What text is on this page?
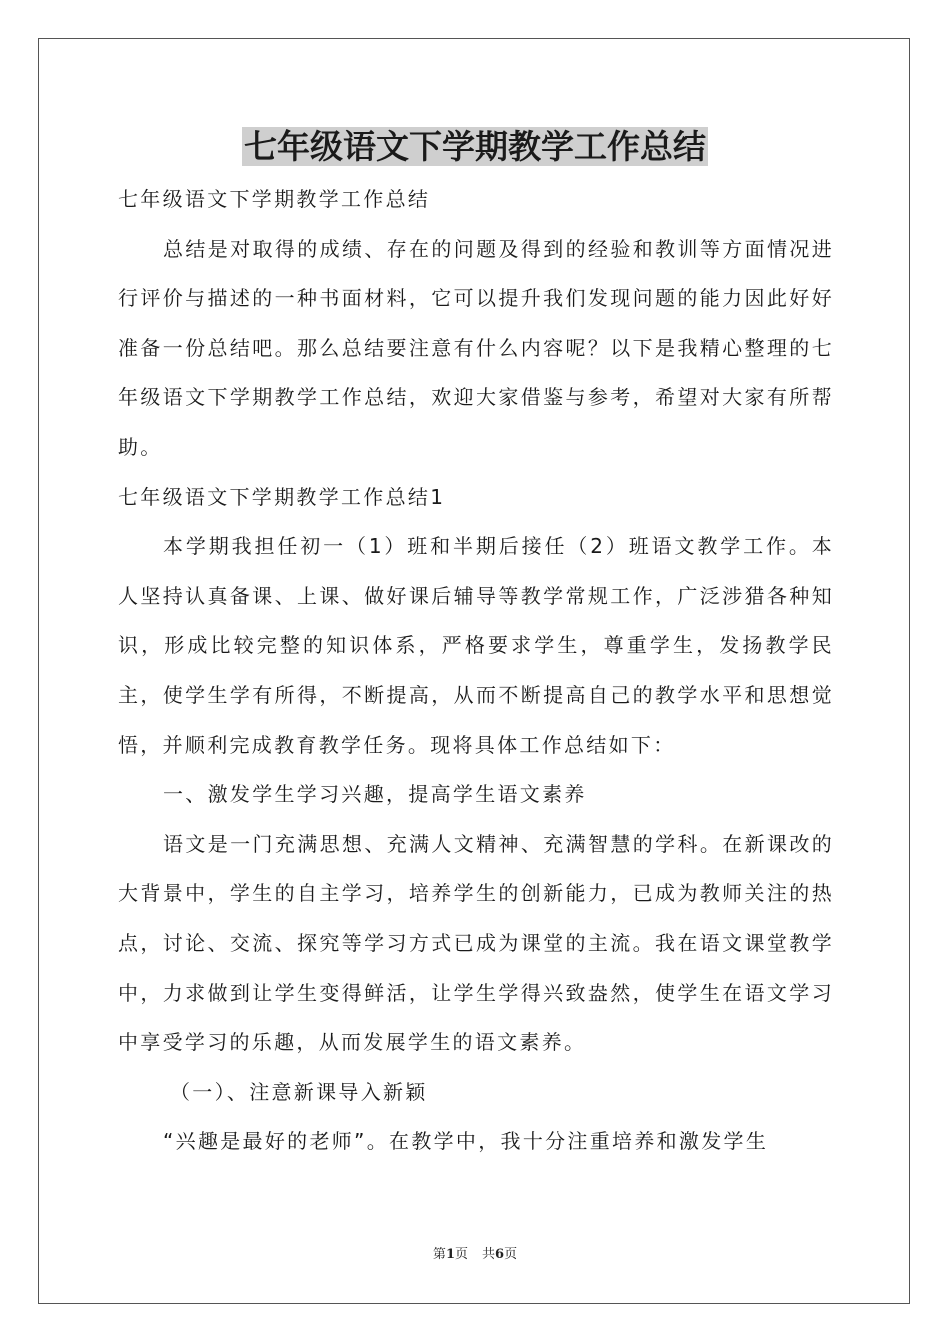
七年级语文下学期教学工作总结

七年级语文下学期教学工作总结

总结是对取得的成绩、存在的问题及得到的经验和教训等方面情况进行评价与描述的一种书面材料，它可以提升我们发现问题的能力因此好好准备一份总结吧。那么总结要注意有什么内容呢？以下是我精心整理的七年级语文下学期教学工作总结，欢迎大家借鉴与参考，希望对大家有所帮助。

七年级语文下学期教学工作总结1

本学期我担任初一（1）班和半期后接任（2）班语文教学工作。本人坚持认真备课、上课、做好课后辅导等教学常规工作，广泛涉猎各种知识，形成比较完整的知识体系，严格要求学生，尊重学生，发扬教学民主，使学生学有所得，不断提高，从而不断提高自己的教学水平和思想觉悟，并顺利完成教育教学任务。现将具体工作总结如下：

一、激发学生学习兴趣，提高学生语文素养

语文是一门充满思想、充满人文精神、充满智慧的学科。在新课改的大背景中，学生的自主学习，培养学生的创新能力，已成为教师关注的热点，讨论、交流、探究等学习方式已成为课堂的主流。我在语文课堂教学中，力求做到让学生变得鲜活，让学生学得兴致盎然，使学生在语文学习中享受学习的乐趣，从而发展学生的语文素养。

（一）、注意新课导入新颖

“兴趣是最好的老师”。在教学中，我十分注重培养和激发学生

第1页 共6页
